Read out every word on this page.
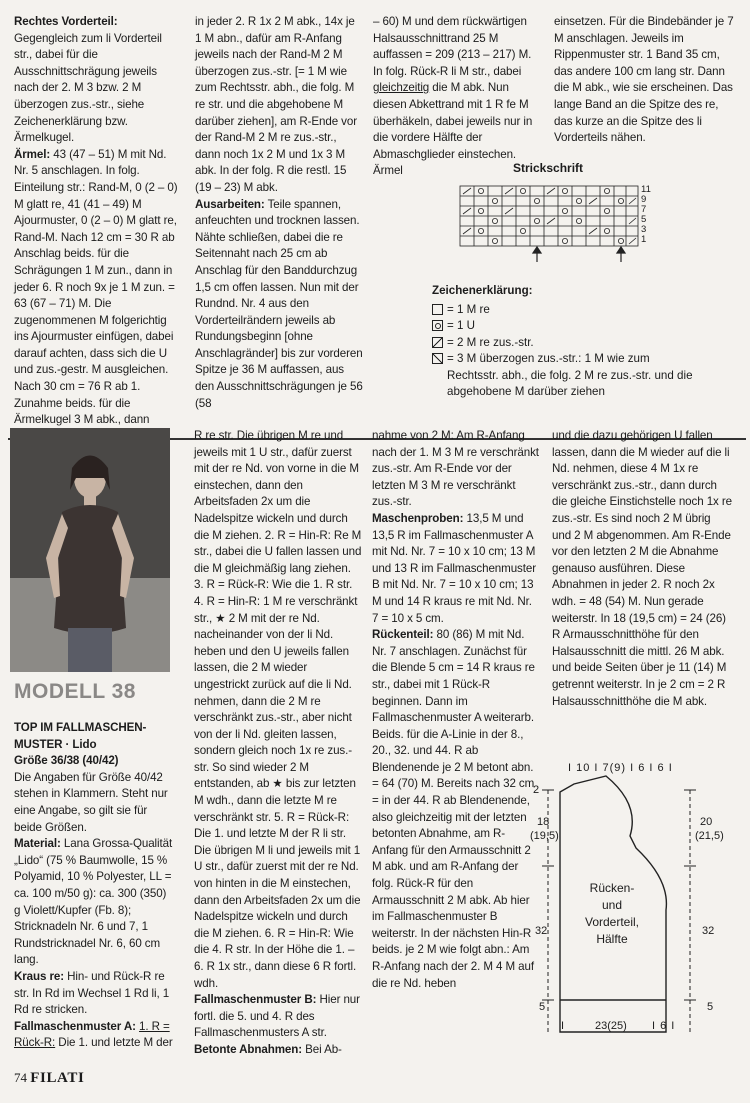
Rechtes Vorderteil: Gegengleich zum li Vorderteil str., dabei für die Ausschnittschrägung jeweils nach der 2. M 3 bzw. 2 M überzogen zus.-str., siehe Zeichenerklärung bzw. Ärmelkugel.

Ärmel: 43 (47 – 51) M mit Nd. Nr. 5 anschlagen. In folg. Einteilung str.: Rand-M, 0 (2 – 0) M glatt re, 41 (41 – 49) M Ajourmuster, 0 (2 – 0) M glatt re, Rand-M. Nach 12 cm = 30 R ab Anschlag beids. für die Schrägungen 1 M zun., dann in jeder 6. R noch 9x je 1 M zun. = 63 (67 – 71) M. Die zugenommenen M folgerichtig ins Ajourmuster einfügen, dabei darauf achten, dass sich die U und zus.-gestr. M ausgleichen. Nach 30 cm = 76 R ab 1. Zunahme beids. für die Ärmelkugel 3 M abk., dann

in jeder 2. R 1x 2 M abk., 14x je 1 M abn., dafür am R-Anfang jeweils nach der Rand-M 2 M überzogen zus.-str. [= 1 M wie zum Rechtsstr. abh., die folg. M re str. und die abgehobene M darüber ziehen], am R-Ende vor der Rand-M 2 M re zus.-str., dann noch 1x 2 M und 1x 3 M abk. In der folg. R die restl. 15 (19 – 23) M abk.

Ausarbeiten: Teile spannen, anfeuchten und trocknen lassen. Nähte schließen, dabei die re Seitennaht nach 25 cm ab Anschlag für den Banddurchzug 1,5 cm offen lassen. Nun mit der Rundnd. Nr. 4 aus den Vorderteilrändern jeweils ab Rundungsbeginn [ohne Anschlagränder] bis zur vorderen Spitze je 36 M auffassen, aus den Ausschnittschrägungen je 56 (58

– 60) M und dem rückwärtigen Halsausschnittrand 25 M auffassen = 209 (213 – 217) M. In folg. Rück-R li M str., dabei gleichzeitig die M abk. Nun diesen Abkettrand mit 1 R fe M überhäkeln, dabei jeweils nur in die vordere Hälfte der Abmaschglieder einstechen. Ärmel

einsetzen. Für die Bindebänder je 7 M anschlagen. Jeweils im Rippenmuster str. 1 Band 35 cm, das andere 100 cm lang str. Dann die M abk., wie sie erscheinen. Das lange Band an die Spitze des re, das kurze an die Spitze des li Vorderteils nähen.

Strickschrift
11
9
7
5
3
1
Zeichenerklärung:
= 1 M re
= 1 U
= 2 M re zus.-str.
= 3 M überzogen zus.-str.: 1 M wie zum Rechtsstr. abh., die folg. 2 M re zus.-str. und die abgehobene M darüber ziehen
MODELL 38

TOP IM FALLMASCHEN-MUSTER · Lido

Größe 36/38 (40/42)

Die Angaben für Größe 40/42 stehen in Klammern. Steht nur eine Angabe, so gilt sie für beide Größen.

Material: Lana Grossa-Qualität „Lido“ (75 % Baumwolle, 15 % Polyamid, 10 % Polyester, LL = ca. 100 m/50 g): ca. 300 (350) g Violett/Kupfer (Fb. 8); Stricknadeln Nr. 6 und 7, 1 Rundstricknadel Nr. 6, 60 cm lang.

Kraus re: Hin- und Rück-R re str. In Rd im Wechsel 1 Rd li, 1 Rd re stricken.

Fallmaschenmuster A: 1. R = Rück-R: Die 1. und letzte M der

R re str. Die übrigen M re und jeweils mit 1 U str., dafür zuerst mit der re Nd. von vorne in die M einstechen, dann den Arbeitsfaden 2x um die Nadelspitze wickeln und durch die M ziehen. 2. R = Hin-R: Re M str., dabei die U fallen lassen und die M gleichmäßig lang ziehen. 3. R = Rück-R: Wie die 1. R str. 4. R = Hin-R: 1 M re verschränkt str., ★ 2 M mit der re Nd. nacheinander von der li Nd. heben und den U jeweils fallen lassen, die 2 M wieder ungestrickt zurück auf die li Nd. nehmen, dann die 2 M re verschränkt zus.-str., aber nicht von der li Nd. gleiten lassen, sondern gleich noch 1x re zus.-str. So sind wieder 2 M entstanden, ab ★ bis zur letzten M wdh., dann die letzte M re verschränkt str. 5. R = Rück-R: Die 1. und letzte M der R li str. Die übrigen M li und jeweils mit 1 U str., dafür zuerst mit der re Nd. von hinten in die M einstechen, dann den Arbeitsfaden 2x um die Nadelspitze wickeln und durch die M ziehen. 6. R = Hin-R: Wie die 4. R str. In der Höhe die 1. – 6. R 1x str., dann diese 6 R fortl. wdh.

Fallmaschenmuster B: Hier nur fortl. die 5. und 4. R des Fallmaschenmusters A str.

Betonte Abnahmen: Bei Ab-

nahme von 2 M: Am R-Anfang nach der 1. M 3 M re verschränkt zus.-str. Am R-Ende vor der letzten M 3 M re verschränkt zus.-str.

Maschenproben: 13,5 M und 13,5 R im Fallmaschenmuster A mit Nd. Nr. 7 = 10 x 10 cm; 13 M und 13 R im Fallmaschenmuster B mit Nd. Nr. 7 = 10 x 10 cm; 13 M und 14 R kraus re mit Nd. Nr. 7 = 10 x 5 cm.

Rückenteil: 80 (86) M mit Nd. Nr. 7 anschlagen. Zunächst für die Blende 5 cm = 14 R kraus re str., dabei mit 1 Rück-R beginnen. Dann im Fallmaschenmuster A weiterarb. Beids. für die A-Linie in der 8., 20., 32. und 44. R ab Blendenende je 2 M betont abn. = 64 (70) M. Bereits nach 32 cm = in der 44. R ab Blendenende, also gleichzeitig mit der letzten betonten Abnahme, am R-Anfang für den Armausschnitt 2 M abk. und am R-Anfang der folg. Rück-R für den Armausschnitt 2 M abk. Ab hier im Fallmaschenmuster B weiterstr. In der nächsten Hin-R beids. je 2 M wie folgt abn.: Am R-Anfang nach der 2. M 4 M auf die re Nd. heben

und die dazu gehörigen U fallen lassen, dann die M wieder auf die li Nd. nehmen, diese 4 M 1x re verschränkt zus.-str., dann durch die gleiche Einstichstelle noch 1x re zus.-str. Es sind noch 2 M übrig und 2 M abgenommen. Am R-Ende vor den letzten 2 M die Abnahme genauso ausführen. Diese Abnahmen in jeder 2. R noch 2x wdh. = 48 (54) M. Nun gerade weiterstr. In 18 (19,5 cm) = 24 (26) R Armausschnitthöhe für den Halsausschnitt die mittl. 26 M abk. und beide Seiten über je 11 (14) M getrennt weiterstr. In je 2 cm = 2 R Halsausschnitthöhe die M abk.

I 10 I 7(9) I 6 I 6 I
2
18
(19,5)
20
(21,5)
32	32
5	5
Rücken-
und
Vorderteil,
Hälfte
I	23(25) I 6 I
74 FILATI
